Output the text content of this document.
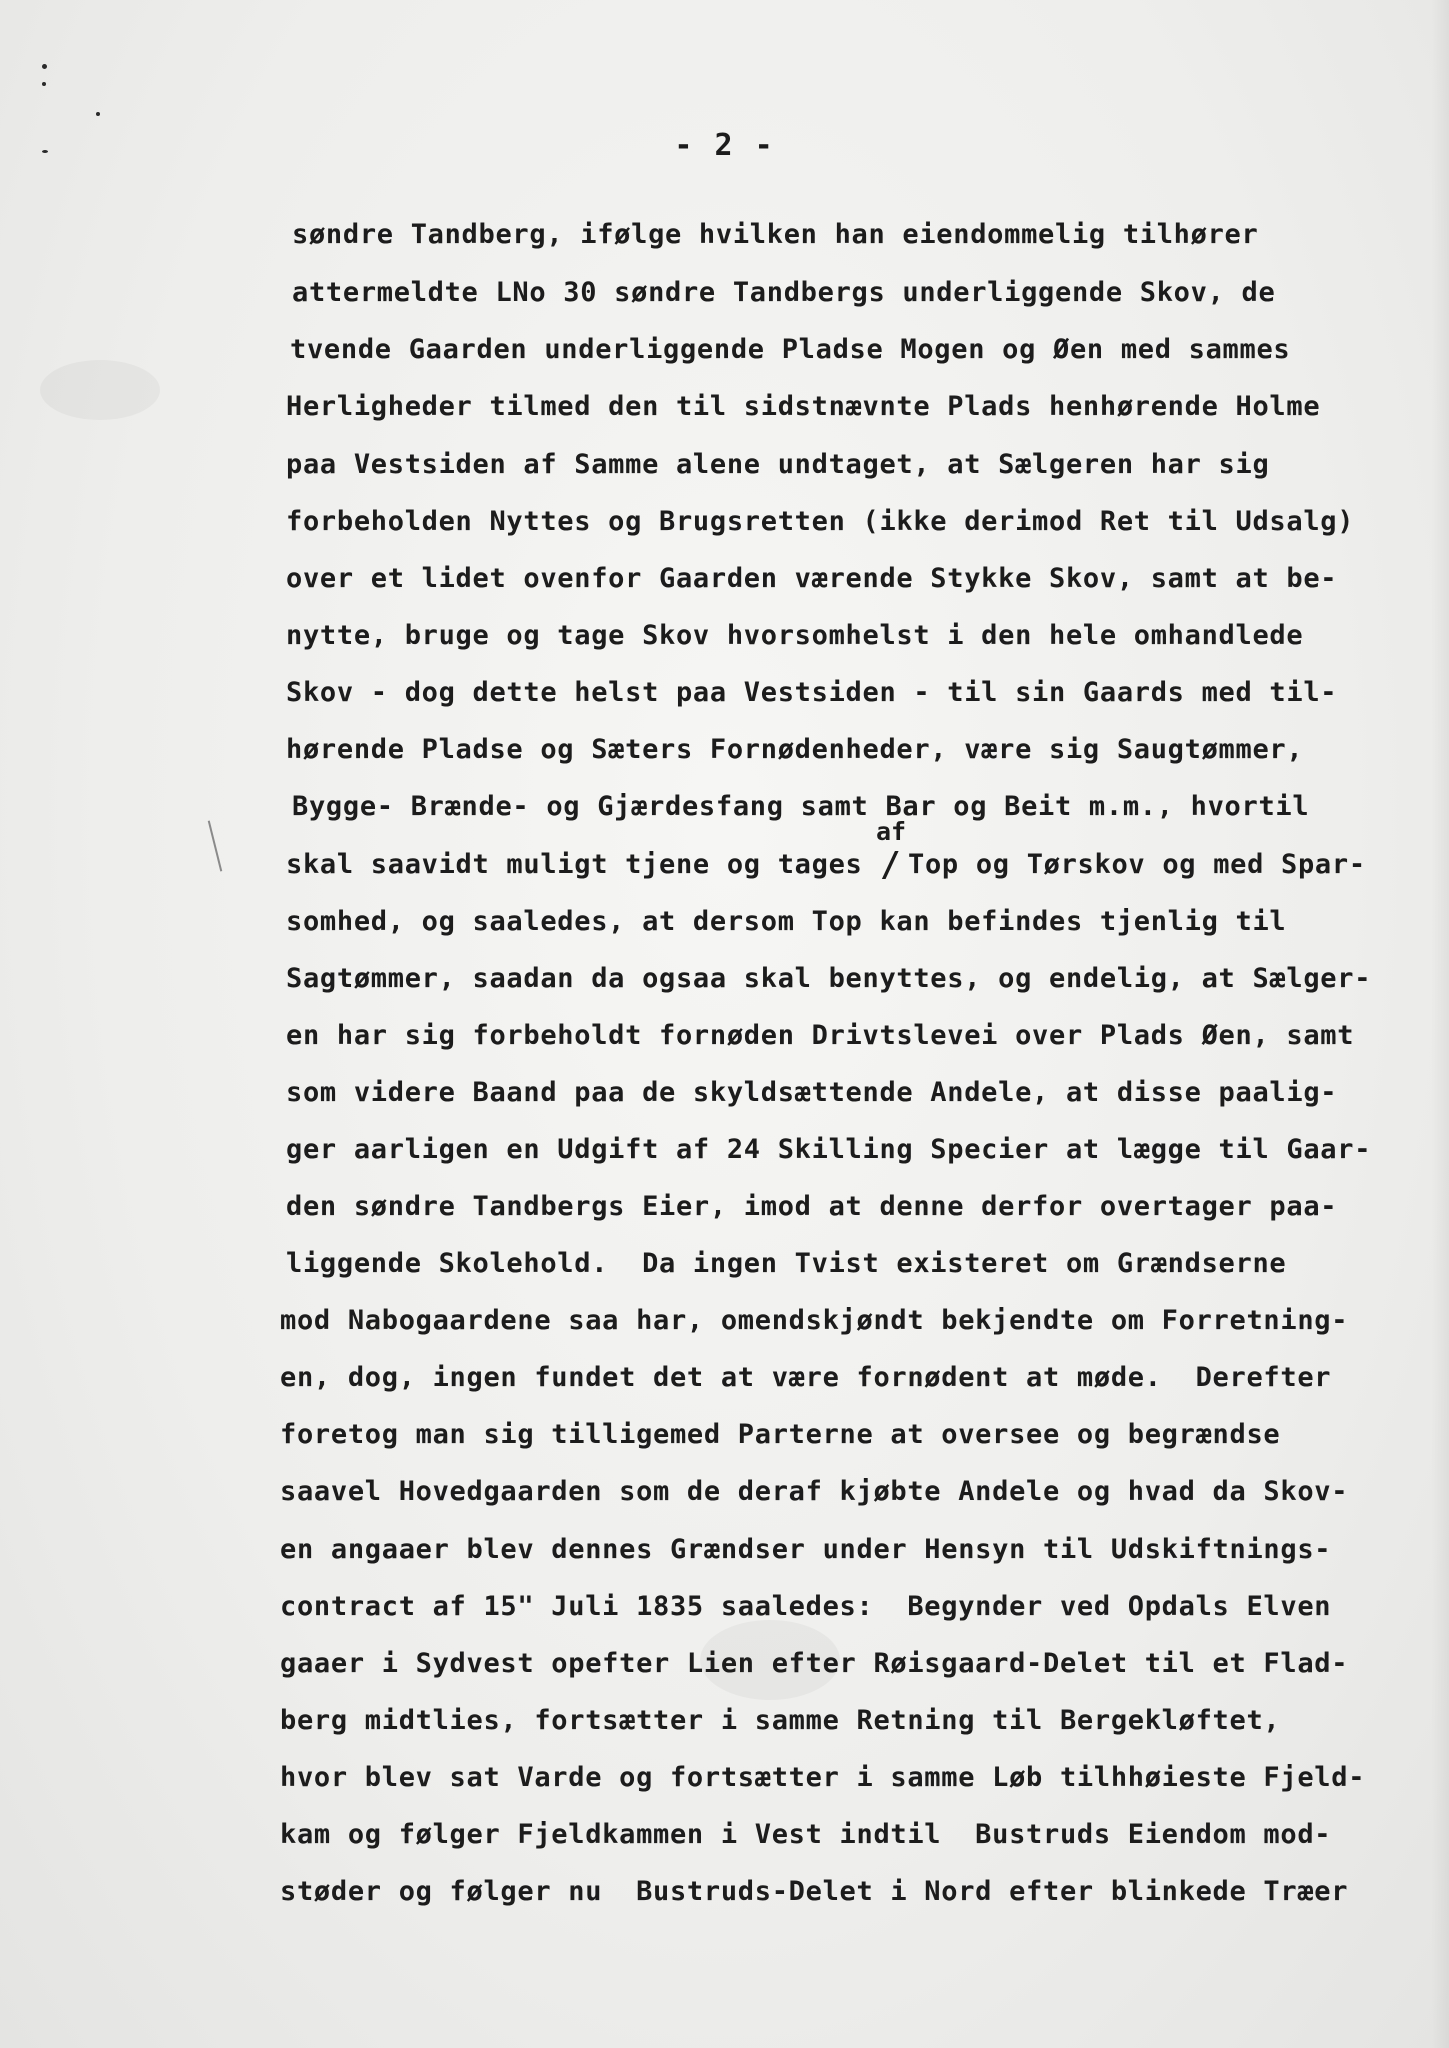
- 2 -
søndre Tandberg, ifølge hvilken han eiendommelig tilhører
attermeldte LNo 30 søndre Tandbergs underliggende Skov, de
tvende Gaarden underliggende Pladse Mogen og Øen med sammes
Herligheder tilmed den til sidstnævnte Plads henhørende Holme
paa Vestsiden af Samme alene undtaget, at Sælgeren har sig
forbeholden Nyttes og Brugsretten (ikke derimod Ret til Udsalg)
over et lidet ovenfor Gaarden værende Stykke Skov, samt at be-
nytte, bruge og tage Skov hvorsomhelst i den hele omhandlede
Skov - dog dette helst paa Vestsiden - til sin Gaards med til-
hørende Pladse og Sæters Fornødenheder, være sig Saugtømmer,
Bygge- Brænde- og Gjærdesfang samt Bar og Beit m.m., hvortil
af
skal saavidt muligt tjene og tages / Top og Tørskov og med Spar-
somhed, og saaledes, at dersom Top kan befindes tjenlig til
Sagtømmer, saadan da ogsaa skal benyttes, og endelig, at Sælger-
en har sig forbeholdt fornøden Drivtslevei over Plads Øen, samt
som videre Baand paa de skyldsættende Andele, at disse paalig-
ger aarligen en Udgift af 24 Skilling Specier at lægge til Gaar-
den søndre Tandbergs Eier, imod at denne derfor overtager paa-
liggende Skolehold.  Da ingen Tvist existeret om Grændserne
mod Nabogaardene saa har, omendskjøndt bekjendte om Forretning-
en, dog, ingen fundet det at være fornødent at møde.  Derefter
foretog man sig tilligemed Parterne at oversee og begrændse
saavel Hovedgaarden som de deraf kjøbte Andele og hvad da Skov-
en angaaer blev dennes Grændser under Hensyn til Udskiftnings-
contract af 15" Juli 1835 saaledes:  Begynder ved Opdals Elven
gaaer i Sydvest opefter Lien efter Røisgaard-Delet til et Flad-
berg midtlies, fortsætter i samme Retning til Bergekløftet,
hvor blev sat Varde og fortsætter i samme Løb tilhhøieste Fjeld-
kam og følger Fjeldkammen i Vest indtil  Bustruds Eiendom mod-
støder og følger nu  Bustruds-Delet i Nord efter blinkede Træer
